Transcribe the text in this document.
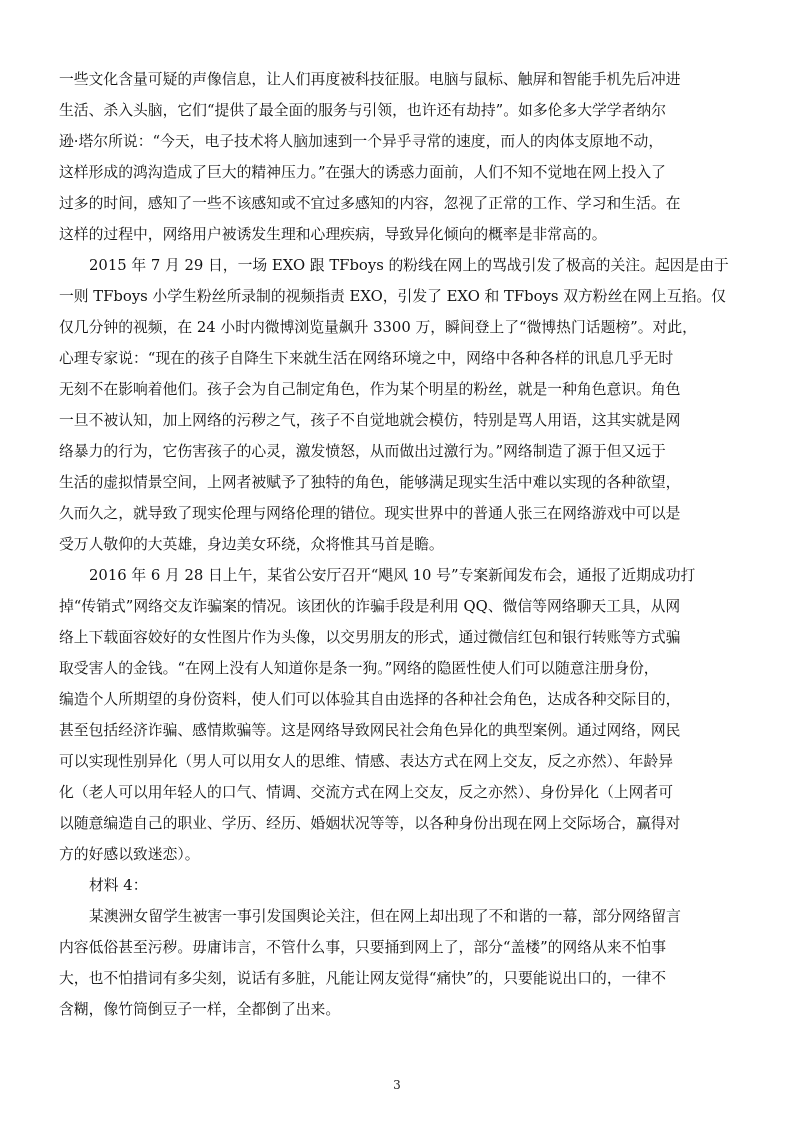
一些文化含量可疑的声像信息，让人们再度被科技征服。电脑与鼠标、触屏和智能手机先后冲进
生活、杀入头脑，它们“提供了最全面的服务与引领，也许还有劫持”。如多伦多大学学者纳尔
逊·塔尔所说：“今天，电子技术将人脑加速到一个异乎寻常的速度，而人的肉体支原地不动，
这样形成的鸿沟造成了巨大的精神压力。”在强大的诱惑力面前，人们不知不觉地在网上投入了
过多的时间，感知了一些不该感知或不宜过多感知的内容，忽视了正常的工作、学习和生活。在
这样的过程中，网络用户被诱发生理和心理疾病，导致异化倾向的概率是非常高的。
2015 年 7 月 29 日，一场 EXO 跟 TFboys 的粉线在网上的骂战引发了极高的关注。起因是由于
一则 TFboys 小学生粉丝所录制的视频指责 EXO，引发了 EXO 和 TFboys 双方粉丝在网上互掐。仅
仅几分钟的视频，在 24 小时内微博浏览量飙升 3300 万，瞬间登上了“微博热门话题榜”。对此，
心理专家说：“现在的孩子自降生下来就生活在网络环境之中，网络中各种各样的讯息几乎无时
无刻不在影响着他们。孩子会为自己制定角色，作为某个明星的粉丝，就是一种角色意识。角色
一旦不被认知，加上网络的污秽之气，孩子不自觉地就会模仿，特别是骂人用语，这其实就是网
络暴力的行为，它伤害孩子的心灵，激发愤怒，从而做出过激行为。”网络制造了源于但又远于
生活的虚拟情景空间，上网者被赋予了独特的角色，能够满足现实生活中难以实现的各种欲望，
久而久之，就导致了现实伦理与网络伦理的错位。现实世界中的普通人张三在网络游戏中可以是
受万人敬仰的大英雄，身边美女环绕，众将惟其马首是瞻。
2016 年 6 月 28 日上午，某省公安厅召开“飓风 10 号”专案新闻发布会，通报了近期成功打
掉“传销式”网络交友诈骗案的情况。该团伙的诈骗手段是利用 QQ、微信等网络聊天工具，从网
络上下载面容姣好的女性图片作为头像，以交男朋友的形式，通过微信红包和银行转账等方式骗
取受害人的金钱。“在网上没有人知道你是条一狗。”网络的隐匿性使人们可以随意注册身份，
编造个人所期望的身份资料，使人们可以体验其自由选择的各种社会角色，达成各种交际目的，
甚至包括经济诈骗、感情欺骗等。这是网络导致网民社会角色异化的典型案例。通过网络，网民
可以实现性别异化（男人可以用女人的思维、情感、表达方式在网上交友，反之亦然）、年龄异
化（老人可以用年轻人的口气、情调、交流方式在网上交友，反之亦然）、身份异化（上网者可
以随意编造自己的职业、学历、经历、婚姻状况等等，以各种身份出现在网上交际场合，赢得对
方的好感以致迷恋）。
材料 4：
某澳洲女留学生被害一事引发国舆论关注，但在网上却出现了不和谐的一幕，部分网络留言
内容低俗甚至污秽。毋庸讳言，不管什么事，只要捅到网上了，部分“盖楼”的网络从来不怕事
大，也不怕措词有多尖刻，说话有多脏，凡能让网友觉得“痛快”的，只要能说出口的，一律不
含糊，像竹筒倒豆子一样，全都倒了出来。
3
